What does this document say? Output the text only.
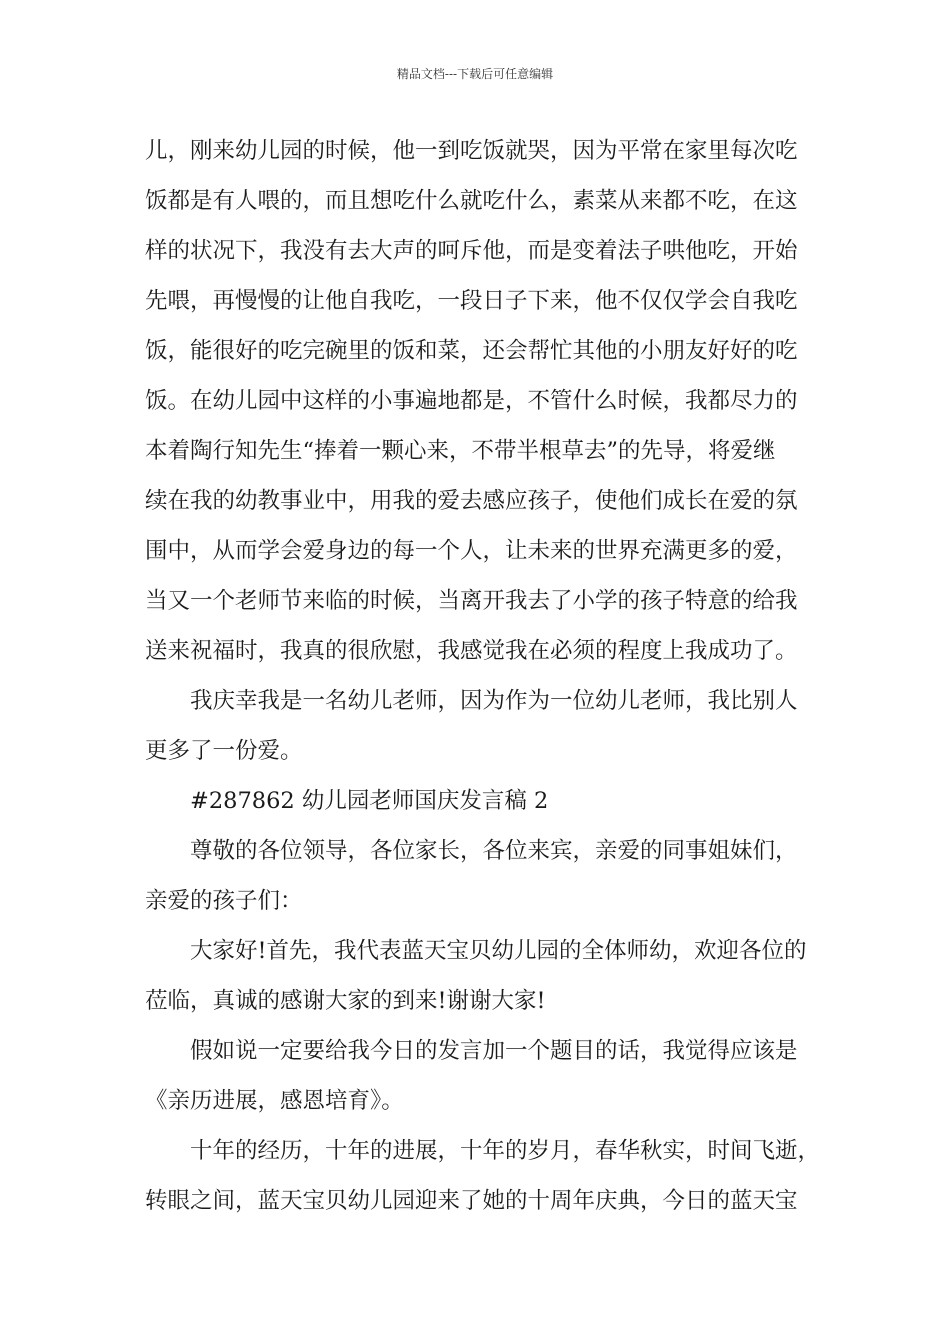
精品文档---下载后可任意编辑
儿，刚来幼儿园的时候，他一到吃饭就哭，因为平常在家里每次吃
饭都是有人喂的，而且想吃什么就吃什么，素菜从来都不吃，在这
样的状况下，我没有去大声的呵斥他，而是变着法子哄他吃，开始
先喂，再慢慢的让他自我吃，一段日子下来，他不仅仅学会自我吃
饭，能很好的吃完碗里的饭和菜，还会帮忙其他的小朋友好好的吃
饭。在幼儿园中这样的小事遍地都是，不管什么时候，我都尽力的
本着陶行知先生“捧着一颗心来，不带半根草去”的先导，将爱继
续在我的幼教事业中，用我的爱去感应孩子，使他们成长在爱的氛
围中，从而学会爱身边的每一个人，让未来的世界充满更多的爱，
当又一个老师节来临的时候，当离开我去了小学的孩子特意的给我
送来祝福时，我真的很欣慰，我感觉我在必须的程度上我成功了。
我庆幸我是一名幼儿老师，因为作为一位幼儿老师，我比别人
更多了一份爱。
#287862 幼儿园老师国庆发言稿 2
尊敬的各位领导，各位家长，各位来宾，亲爱的同事姐妹们，
亲爱的孩子们：
大家好!首先，我代表蓝天宝贝幼儿园的全体师幼，欢迎各位的
莅临，真诚的感谢大家的到来!谢谢大家!
假如说一定要给我今日的发言加一个题目的话，我觉得应该是
《亲历进展，感恩培育》。
十年的经历，十年的进展，十年的岁月，春华秋实，时间飞逝，
转眼之间，蓝天宝贝幼儿园迎来了她的十周年庆典，今日的蓝天宝
